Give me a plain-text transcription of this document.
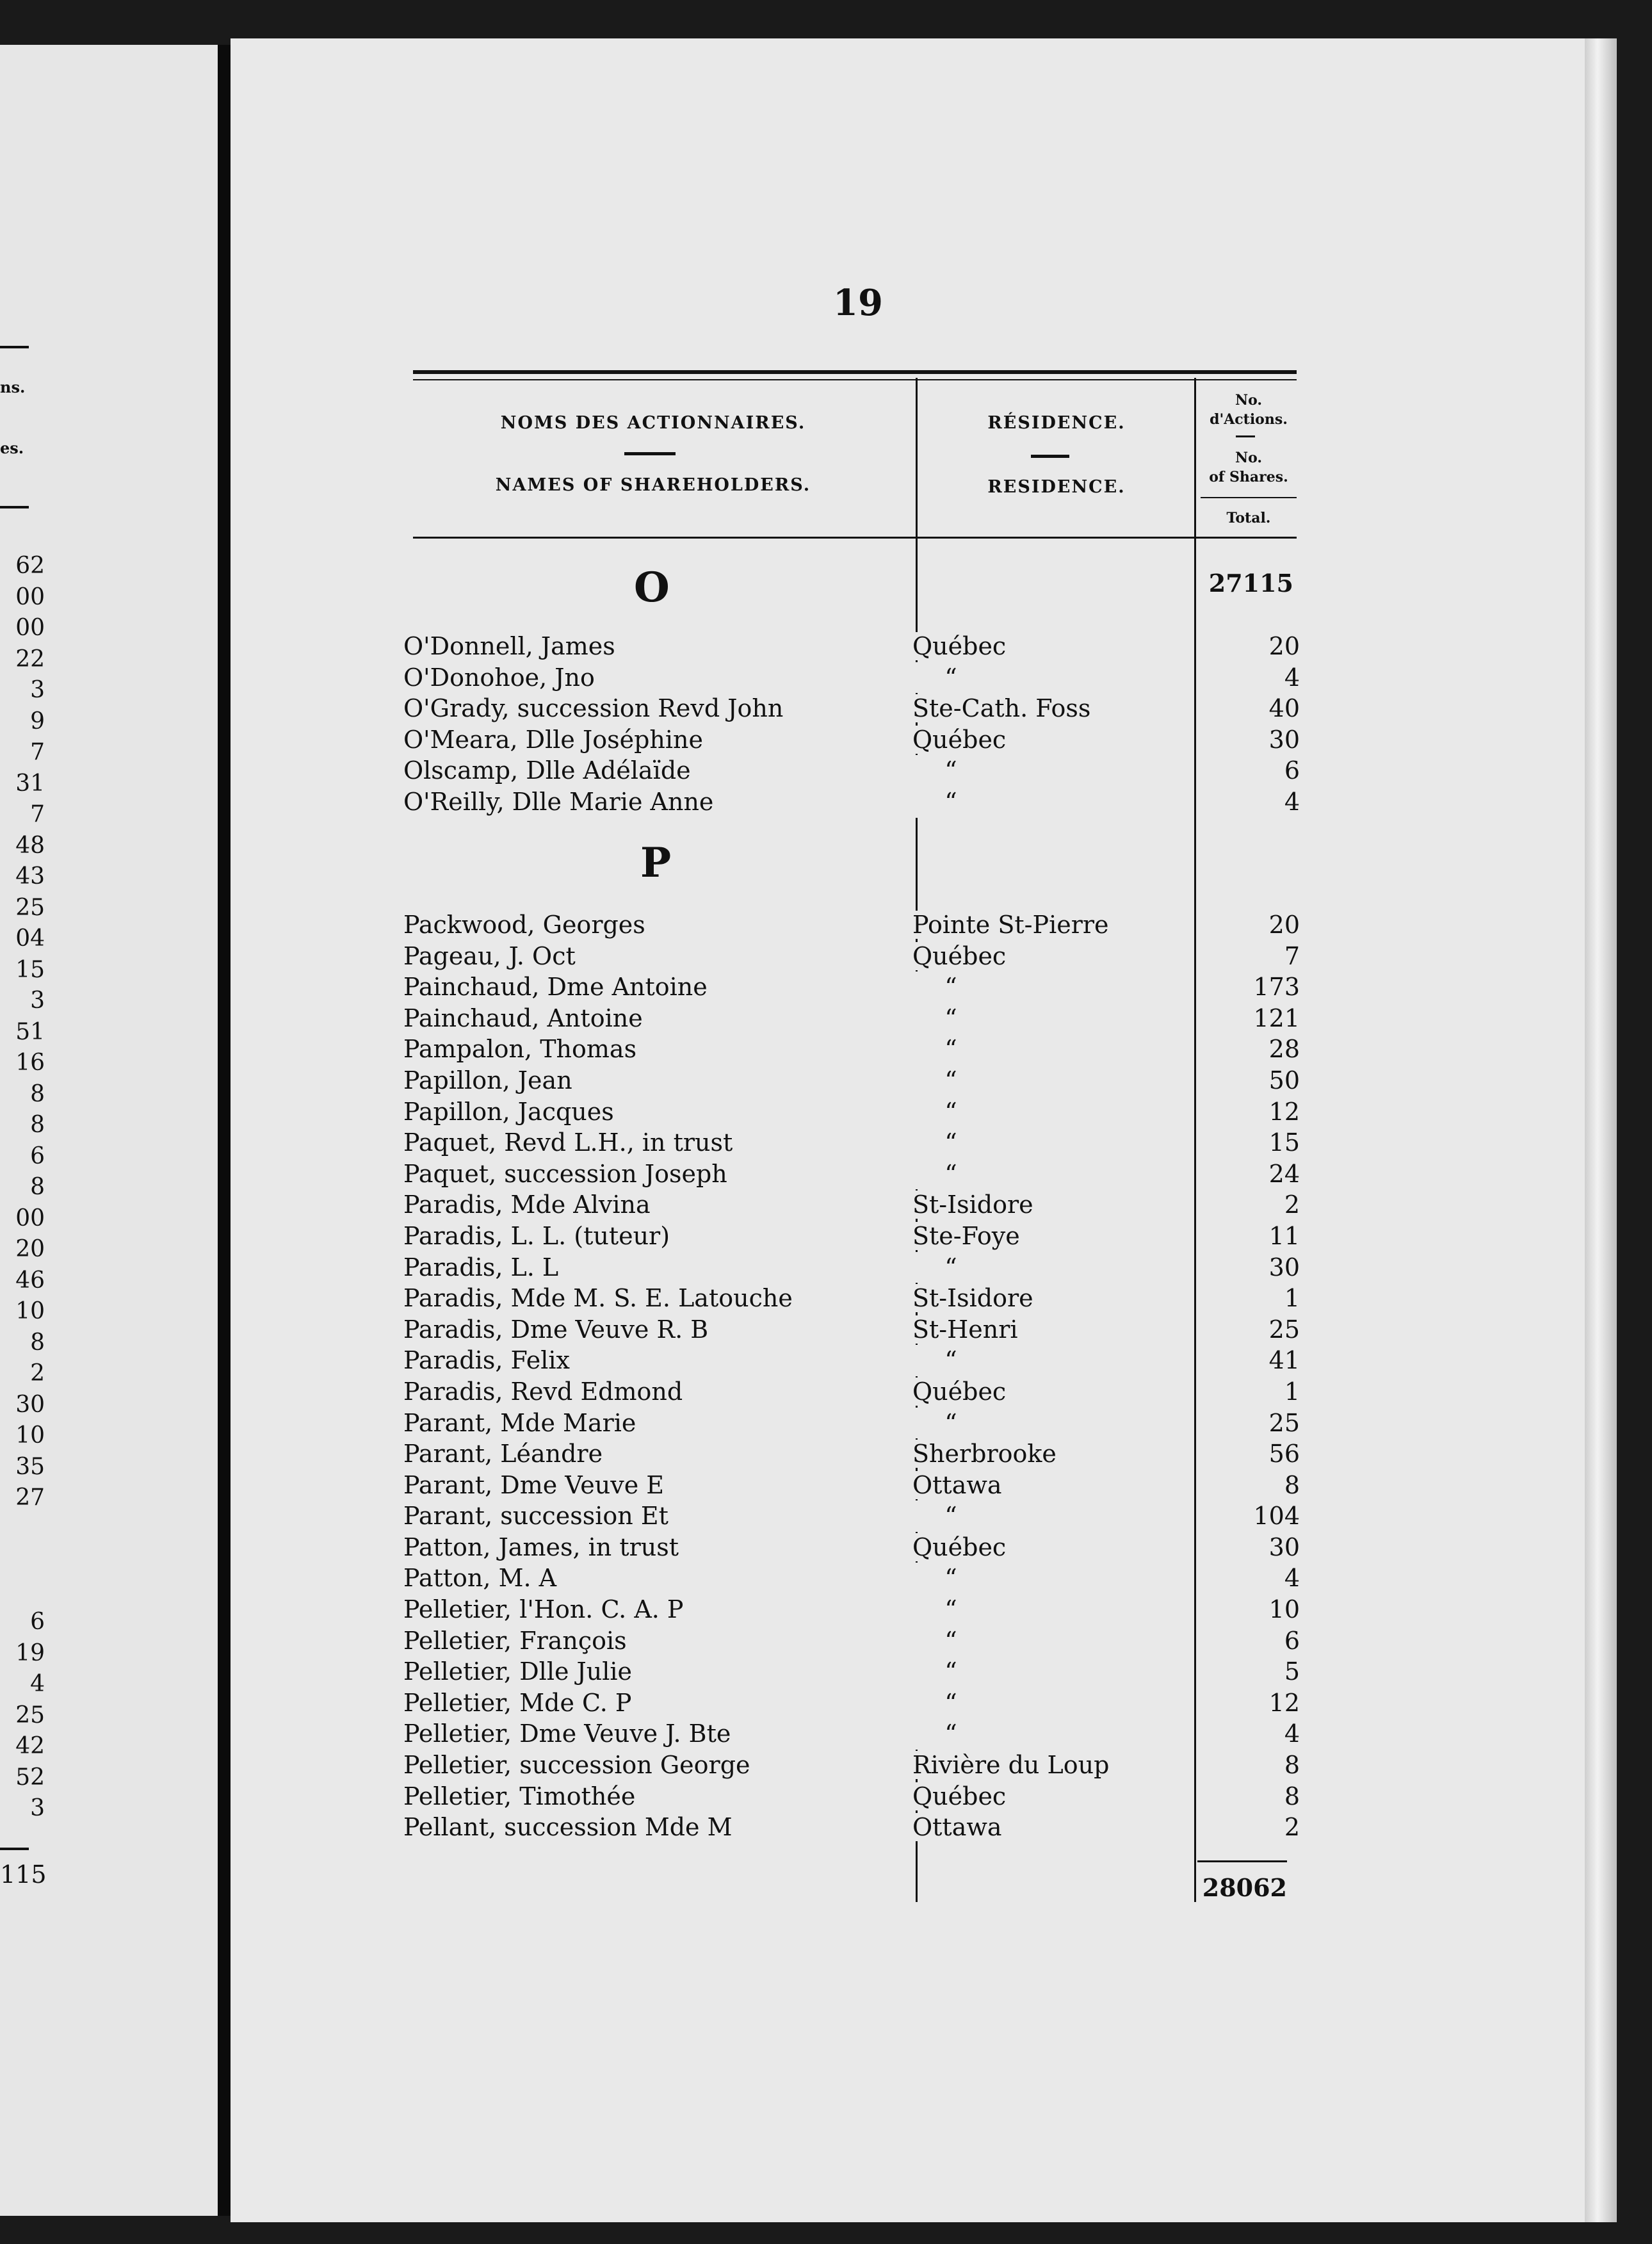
ns.
es.
62
00
00
22
3
9
7
31
7
48
43
25
04
15
3
51
16
8
8
6
8
00
20
46
10
8
2
30
10
35
27
6
19
4
25
42
52
3
115
19
NOMS DES ACTIONNAIRES.
NAMES OF SHAREHOLDERS.
RÉSIDENCE.
RESIDENCE.
No.
d'Actions.
No.
of Shares.
Total.
O	27115
P
O'Donnell, James . . .	Québec . . .	20
O'Donohoe, Jno . . .	“ . . .	4
O'Grady, succession Revd John . . .	Ste-Cath. Foss . . .	40
O'Meara, Dlle Joséphine . . .	Québec . . .	30
Olscamp, Dlle Adélaïde . . .	“ . . .	6
O'Reilly, Dlle Marie Anne . . .	“ . . .	4
Packwood, Georges . . .	Pointe St-Pierre . . .	20
Pageau, J. Oct . . .	Québec . . .	7
Painchaud, Dme Antoine . . .	“ . . .	173
Painchaud, Antoine . . .	“ . . .	121
Pampalon, Thomas . . .	“ . . .	28
Papillon, Jean . . .	“ . . .	50
Papillon, Jacques . . .	“ . . .	12
Paquet, Revd L.H., in trust . . .	“ . . .	15
Paquet, succession Joseph . . .	“ . . .	24
Paradis, Mde Alvina . . .	St-Isidore . . .	2
Paradis, L. L. (tuteur) . . .	Ste-Foye . . .	11
Paradis, L. L . . .	“ . . .	30
Paradis, Mde M. S. E. Latouche . . .	St-Isidore . . .	1
Paradis, Dme Veuve R. B . . .	St-Henri . . .	25
Paradis, Felix . . .	“ . . .	41
Paradis, Revd Edmond . . .	Québec . . .	1
Parant, Mde Marie . . .	“ . . .	25
Parant, Léandre . . .	Sherbrooke . . .	56
Parant, Dme Veuve E . . .	Ottawa . . .	8
Parant, succession Et . . .	“ . . .	104
Patton, James, in trust . . .	Québec . . .	30
Patton, M. A . . .	“ . . .	4
Pelletier, l'Hon. C. A. P . . .	“ . . .	10
Pelletier, François . . .	“ . . .	6
Pelletier, Dlle Julie . . .	“ . . .	5
Pelletier, Mde C. P . . .	“ . . .	12
Pelletier, Dme Veuve J. Bte . . .	“ . . .	4
Pelletier, succession George . . .	Rivière du Loup . . .	8
Pelletier, Timothée . . .	Québec . . .	8
Pellant, succession Mde M . . .	Ottawa . . .	2
28062
